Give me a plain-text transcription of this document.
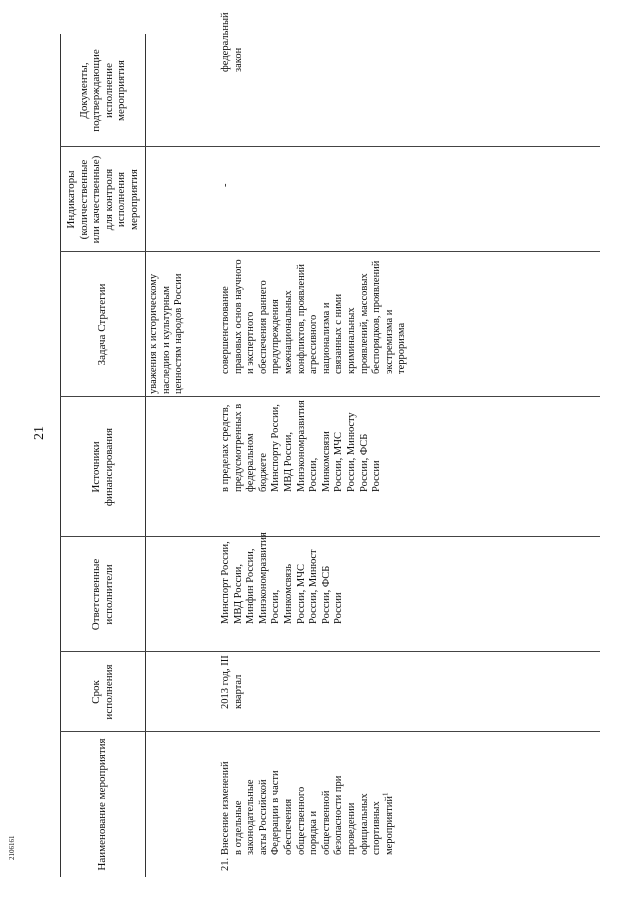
21
2106161	Наименование мероприятия
Срок исполнения
Ответственные исполнители
Источники финансирования
Задача Стратегии
Индикаторы (количественные или качественные) для контроля исполнения мероприятия
Документы, подтверждающие исполнение мероприятия
уважения к историческому наследию и культурным ценностям народов России
21.
Внесение изменений в отдельные законодательные акты Российской Федерации в части обеспечения общественного порядка и общественной безопасности при проведении официальных спортивных мероприятий$^1$
2013 год, III квартал
Минспорт России, МВД России, Минфин России, Минэкономразвития России, Минкомсвязь России, МЧС России, Минюст России, ФСБ России
в пределах средств, предусмотренных в федеральном бюджете Минспорту России, МВД России, Минэкономразвития России, Минкомсвязи России, МЧС России, Минюсту России, ФСБ России
совершенствование правовых основ научного и экспертного обеспечения раннего предупреждения межнациональных конфликтов, проявлений агрессивного национализма и связанных с ними криминальных проявлений, массовых беспорядков, проявлений экстремизма и терроризма
-
федеральный закон
